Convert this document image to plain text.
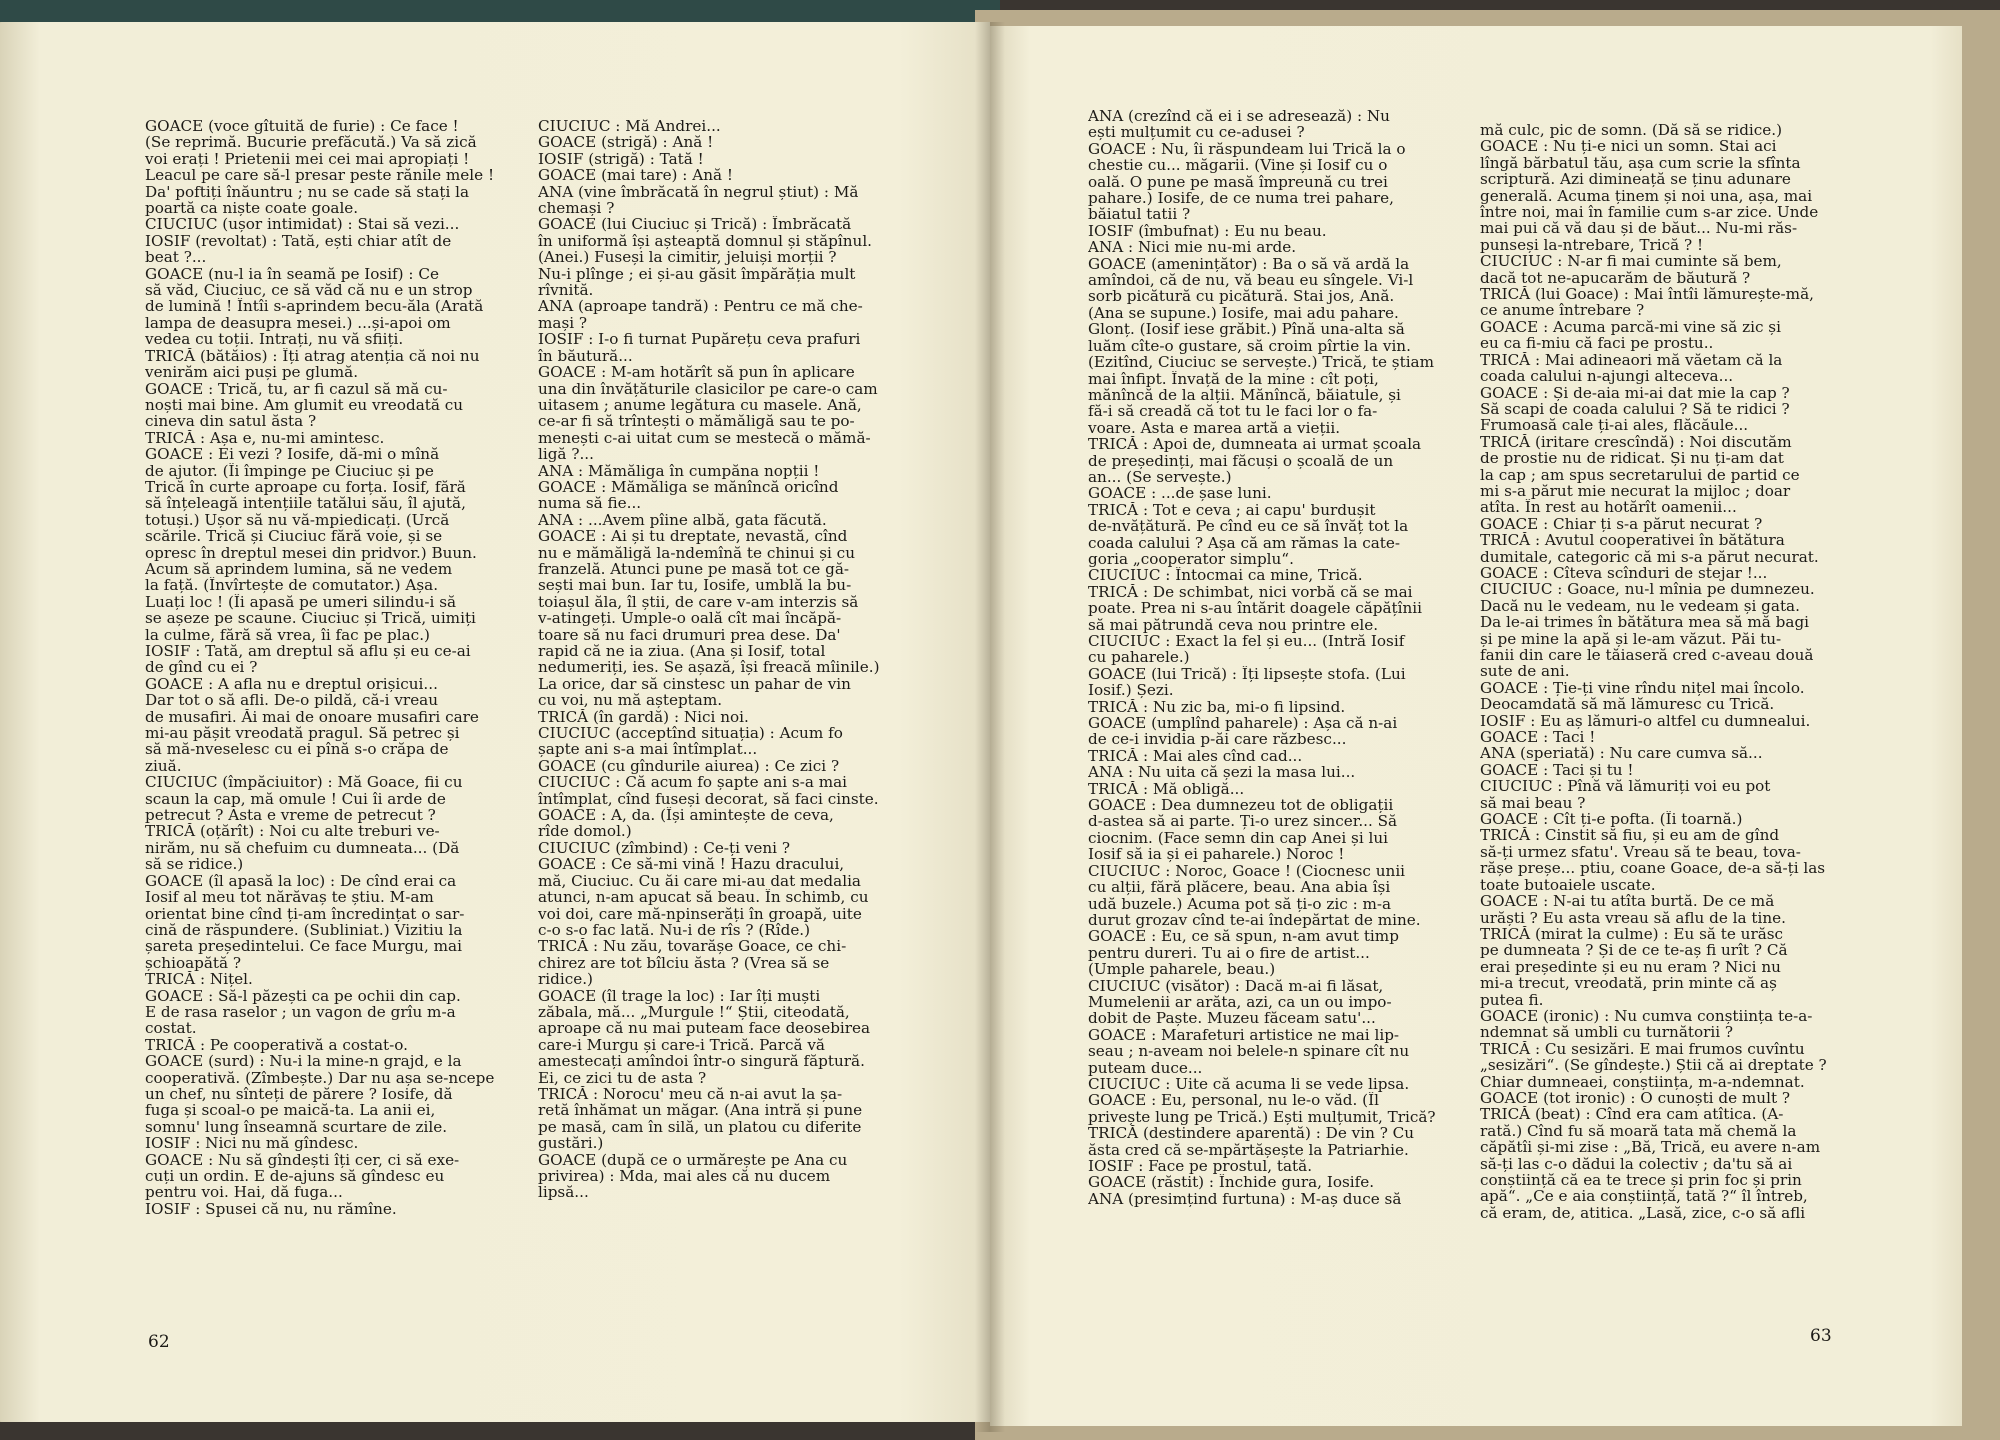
GOACE (voce gîtuită de furie) : Ce face !
(Se reprimă. Bucurie prefăcută.) Va să zică
voi erați ! Prietenii mei cei mai apropiați !
Leacul pe care să-l presar peste rănile mele !
Da' poftiți înăuntru ; nu se cade să stați la
poartă ca niște coate goale.
CIUCIUC (ușor intimidat) : Stai să vezi...
IOSIF (revoltat) : Tată, ești chiar atît de
beat ?...
GOACE (nu-l ia în seamă pe Iosif) : Ce
să văd, Ciuciuc, ce să văd că nu e un strop
de lumină ! Întîi s-aprindem becu-ăla (Arată
lampa de deasupra mesei.) ...și-apoi om
vedea cu toții. Intrați, nu vă sfiiți.
TRICĂ (bătăios) : Îți atrag atenția că noi nu
venirăm aici puși pe glumă.
GOACE : Trică, tu, ar fi cazul să mă cu-
noști mai bine. Am glumit eu vreodată cu
cineva din satul ăsta ?
TRICĂ : Așa e, nu-mi amintesc.
GOACE : Ei vezi ? Iosife, dă-mi o mînă
de ajutor. (Îi împinge pe Ciuciuc și pe
Trică în curte aproape cu forța. Iosif, fără
să înțeleagă intențiile tatălui său, îl ajută,
totuși.) Ușor să nu vă-mpiedicați. (Urcă
scările. Trică și Ciuciuc fără voie, și se
opresc în dreptul mesei din pridvor.) Buun.
Acum să aprindem lumina, să ne vedem
la față. (Învîrtește de comutator.) Așa.
Luați loc ! (Îi apasă pe umeri silindu-i să
se așeze pe scaune. Ciuciuc și Trică, uimiți
la culme, fără să vrea, îi fac pe plac.)
IOSIF : Tată, am dreptul să aflu și eu ce-ai
de gînd cu ei ?
GOACE : A afla nu e dreptul orișicui...
Dar tot o să afli. De-o pildă, că-i vreau
de musafiri. Ăi mai de onoare musafiri care
mi-au pășit vreodată pragul. Să petrec și
să mă-nveselesc cu ei pînă s-o crăpa de
ziuă.
CIUCIUC (împăciuitor) : Mă Goace, fii cu
scaun la cap, mă omule ! Cui îi arde de
petrecut ? Asta e vreme de petrecut ?
TRICĂ (oțărît) : Noi cu alte treburi ve-
nirăm, nu să chefuim cu dumneata... (Dă
să se ridice.)
GOACE (îl apasă la loc) : De cînd erai ca
Iosif al meu tot nărăvaș te știu. M-am
orientat bine cînd ți-am încredințat o sar-
cină de răspundere. (Subliniat.) Vizitiu la
șareta președintelui. Ce face Murgu, mai
șchioapătă ?
TRICĂ : Nițel.
GOACE : Să-l păzești ca pe ochii din cap.
E de rasa raselor ; un vagon de grîu m-a
costat.
TRICĂ : Pe cooperativă a costat-o.
GOACE (surd) : Nu-i la mine-n grajd, e la
cooperativă. (Zîmbește.) Dar nu așa se-ncepe
un chef, nu sînteți de părere ? Iosife, dă
fuga și scoal-o pe maică-ta. La anii ei,
somnu' lung înseamnă scurtare de zile.
IOSIF : Nici nu mă gîndesc.
GOACE : Nu să gîndești îți cer, ci să exe-
cuți un ordin. E de-ajuns să gîndesc eu
pentru voi. Hai, dă fuga...
IOSIF : Spusei că nu, nu rămîne.
CIUCIUC : Mă Andrei...
GOACE (strigă) : Ană !
IOSIF (strigă) : Tată !
GOACE (mai tare) : Ană !
ANA (vine îmbrăcată în negrul știut) : Mă
chemași ?
GOACE (lui Ciuciuc și Trică) : Îmbrăcată
în uniformă își așteaptă domnul și stăpînul.
(Anei.) Fuseși la cimitir, jeluiși morții ?
Nu-i plînge ; ei și-au găsit împărăția mult
rîvnită.
ANA (aproape tandră) : Pentru ce mă che-
mași ?
IOSIF : I-o fi turnat Pupărețu ceva prafuri
în băutură...
GOACE : M-am hotărît să pun în aplicare
una din învățăturile clasicilor pe care-o cam
uitasem ; anume legătura cu masele. Ană,
ce-ar fi să trîntești o mămăligă sau te po-
menești c-ai uitat cum se mestecă o mămă-
ligă ?...
ANA : Mămăliga în cumpăna nopții !
GOACE : Mămăliga se mănîncă oricînd
numa să fie...
ANA : ...Avem pîine albă, gata făcută.
GOACE : Ai și tu dreptate, nevastă, cînd
nu e mămăligă la-ndemînă te chinui și cu
franzelă. Atunci pune pe masă tot ce gă-
sești mai bun. Iar tu, Iosife, umblă la bu-
toiașul ăla, îl știi, de care v-am interzis să
v-atingeți. Umple-o oală cît mai încăpă-
toare să nu faci drumuri prea dese. Da'
rapid că ne ia ziua. (Ana și Iosif, total
nedumeriți, ies. Se așază, își freacă mîinile.)
La orice, dar să cinstesc un pahar de vin
cu voi, nu mă așteptam.
TRICĂ (în gardă) : Nici noi.
CIUCIUC (acceptînd situația) : Acum fo
șapte ani s-a mai întîmplat...
GOACE (cu gîndurile aiurea) : Ce zici ?
CIUCIUC : Că acum fo șapte ani s-a mai
întîmplat, cînd fuseși decorat, să faci cinste.
GOACE : A, da. (Își amintește de ceva,
rîde domol.)
CIUCIUC (zîmbind) : Ce-ți veni ?
GOACE : Ce să-mi vină ! Hazu dracului,
mă, Ciuciuc. Cu ăi care mi-au dat medalia
atunci, n-am apucat să beau. În schimb, cu
voi doi, care mă-npinserăți în groapă, uite
c-o s-o fac lată. Nu-i de rîs ? (Rîde.)
TRICĂ : Nu zău, tovarășe Goace, ce chi-
chirez are tot bîlciu ăsta ? (Vrea să se
ridice.)
GOACE (îl trage la loc) : Iar îți muști
zăbala, mă... „Murgule !“ Știi, citeodată,
aproape că nu mai puteam face deosebirea
care-i Murgu și care-i Trică. Parcă vă
amestecați amîndoi într-o singură făptură.
Ei, ce zici tu de asta ?
TRICĂ : Norocu' meu că n-ai avut la șa-
retă înhămat un măgar. (Ana intră și pune
pe masă, cam în silă, un platou cu diferite
gustări.)
GOACE (după ce o urmărește pe Ana cu
privirea) : Mda, mai ales că nu ducem
lipsă...
62
ANA (crezînd că ei i se adresează) : Nu
ești mulțumit cu ce-adusei ?
GOACE : Nu, îi răspundeam lui Trică la o
chestie cu... măgarii. (Vine și Iosif cu o
oală. O pune pe masă împreună cu trei
pahare.) Iosife, de ce numa trei pahare,
băiatul tatii ?
IOSIF (îmbufnat) : Eu nu beau.
ANA : Nici mie nu-mi arde.
GOACE (amenințător) : Ba o să vă ardă la
amîndoi, că de nu, vă beau eu sîngele. Vi-l
sorb picătură cu picătură. Stai jos, Ană.
(Ana se supune.) Iosife, mai adu pahare.
Glonț. (Iosif iese grăbit.) Pînă una-alta să
luăm cîte-o gustare, să croim pîrtie la vin.
(Ezitînd, Ciuciuc se servește.) Trică, te știam
mai înfipt. Învață de la mine : cît poți,
mănîncă de la alții. Mănîncă, băiatule, și
fă-i să creadă că tot tu le faci lor o fa-
voare. Asta e marea artă a vieții.
TRICĂ : Apoi de, dumneata ai urmat școala
de președinți, mai făcuși o școală de un
an... (Se servește.)
GOACE : ...de șase luni.
TRICĂ : Tot e ceva ; ai capu' burdușit
de-nvățătură. Pe cînd eu ce să învăț tot la
coada calului ? Așa că am rămas la cate-
goria „cooperator simplu“.
CIUCIUC : Întocmai ca mine, Trică.
TRICĂ : De schimbat, nici vorbă că se mai
poate. Prea ni s-au întărit doagele căpățînii
să mai pătrundă ceva nou printre ele.
CIUCIUC : Exact la fel și eu... (Intră Iosif
cu paharele.)
GOACE (lui Trică) : Îți lipsește stofa. (Lui
Iosif.) Șezi.
TRICĂ : Nu zic ba, mi-o fi lipsind.
GOACE (umplînd paharele) : Așa că n-ai
de ce-i invidia p-ăi care răzbesc...
TRICĂ : Mai ales cînd cad...
ANA : Nu uita că șezi la masa lui...
TRICĂ : Mă obligă...
GOACE : Dea dumnezeu tot de obligații
d-astea să ai parte. Ți-o urez sincer... Să
ciocnim. (Face semn din cap Anei și lui
Iosif să ia și ei paharele.) Noroc !
CIUCIUC : Noroc, Goace ! (Ciocnesc unii
cu alții, fără plăcere, beau. Ana abia își
udă buzele.) Acuma pot să ți-o zic : m-a
durut grozav cînd te-ai îndepărtat de mine.
GOACE : Eu, ce să spun, n-am avut timp
pentru dureri. Tu ai o fire de artist...
(Umple paharele, beau.)
CIUCIUC (visător) : Dacă m-ai fi lăsat,
Mumelenii ar arăta, azi, ca un ou impo-
dobit de Paște. Muzeu făceam satu'...
GOACE : Marafeturi artistice ne mai lip-
seau ; n-aveam noi belele-n spinare cît nu
puteam duce...
CIUCIUC : Uite că acuma li se vede lipsa.
GOACE : Eu, personal, nu le-o văd. (Îl
privește lung pe Trică.) Ești mulțumit, Trică?
TRICĂ (destindere aparentă) : De vin ? Cu
ăsta cred că se-mpărtășește la Patriarhie.
IOSIF : Face pe prostul, tată.
GOACE (răstit) : Închide gura, Iosife.
ANA (presimțind furtuna) : M-aș duce să
mă culc, pic de somn. (Dă să se ridice.)
GOACE : Nu ți-e nici un somn. Stai aci
lîngă bărbatul tău, așa cum scrie la sfînta
scriptură. Azi dimineață se ținu adunare
generală. Acuma ținem și noi una, așa, mai
între noi, mai în familie cum s-ar zice. Unde
mai pui că vă dau și de băut... Nu-mi răs-
punseși la-ntrebare, Trică ? !
CIUCIUC : N-ar fi mai cuminte să bem,
dacă tot ne-apucarăm de băutură ?
TRICĂ (lui Goace) : Mai întîi lămurește-mă,
ce anume întrebare ?
GOACE : Acuma parcă-mi vine să zic și
eu ca fi-miu că faci pe prostu..
TRICĂ : Mai adineaori mă văetam că la
coada calului n-ajungi alteceva...
GOACE : Și de-aia mi-ai dat mie la cap ?
Să scapi de coada calului ? Să te ridici ?
Frumoasă cale ți-ai ales, flăcăule...
TRICĂ (iritare crescîndă) : Noi discutăm
de prostie nu de ridicat. Și nu ți-am dat
la cap ; am spus secretarului de partid ce
mi s-a părut mie necurat la mijloc ; doar
atîta. În rest au hotărît oamenii...
GOACE : Chiar ți s-a părut necurat ?
TRICĂ : Avutul cooperativei în bătătura
dumitale, categoric că mi s-a părut necurat.
GOACE : Cîteva scînduri de stejar !...
CIUCIUC : Goace, nu-l mînia pe dumnezeu.
Dacă nu le vedeam, nu le vedeam și gata.
Da le-ai trimes în bătătura mea să mă bagi
și pe mine la apă și le-am văzut. Păi tu-
fanii din care le tăiaseră cred c-aveau două
sute de ani.
GOACE : Ție-ți vine rîndu nițel mai încolo.
Deocamdată să mă lămuresc cu Trică.
IOSIF : Eu aș lămuri-o altfel cu dumnealui.
GOACE : Taci !
ANA (speriată) : Nu care cumva să...
GOACE : Taci și tu !
CIUCIUC : Pînă vă lămuriți voi eu pot
să mai beau ?
GOACE : Cît ți-e pofta. (Îi toarnă.)
TRICĂ : Cinstit să fiu, și eu am de gînd
să-ți urmez sfatu'. Vreau să te beau, tova-
rășe preșe... ptiu, coane Goace, de-a să-ți las
toate butoaiele uscate.
GOACE : N-ai tu atîta burtă. De ce mă
urăști ? Eu asta vreau să aflu de la tine.
TRICĂ (mirat la culme) : Eu să te urăsc
pe dumneata ? Și de ce te-aș fi urît ? Că
erai președinte și eu nu eram ? Nici nu
mi-a trecut, vreodată, prin minte că aș
putea fi.
GOACE (ironic) : Nu cumva conștiința te-a-
ndemnat să umbli cu turnătorii ?
TRICĂ : Cu sesizări. E mai frumos cuvîntu
„sesizări“. (Se gîndește.) Știi că ai dreptate ?
Chiar dumneaei, conștiința, m-a-ndemnat.
GOACE (tot ironic) : O cunoști de mult ?
TRICĂ (beat) : Cînd era cam atîtica. (A-
rată.) Cînd fu să moară tata mă chemă la
căpătîi și-mi zise : „Bă, Trică, eu avere n-am
să-ți las c-o dădui la colectiv ; da'tu să ai
conștiință că ea te trece și prin foc și prin
apă“. „Ce e aia conștiință, tată ?“ îl întreb,
că eram, de, atitica. „Lasă, zice, c-o să afli
63
